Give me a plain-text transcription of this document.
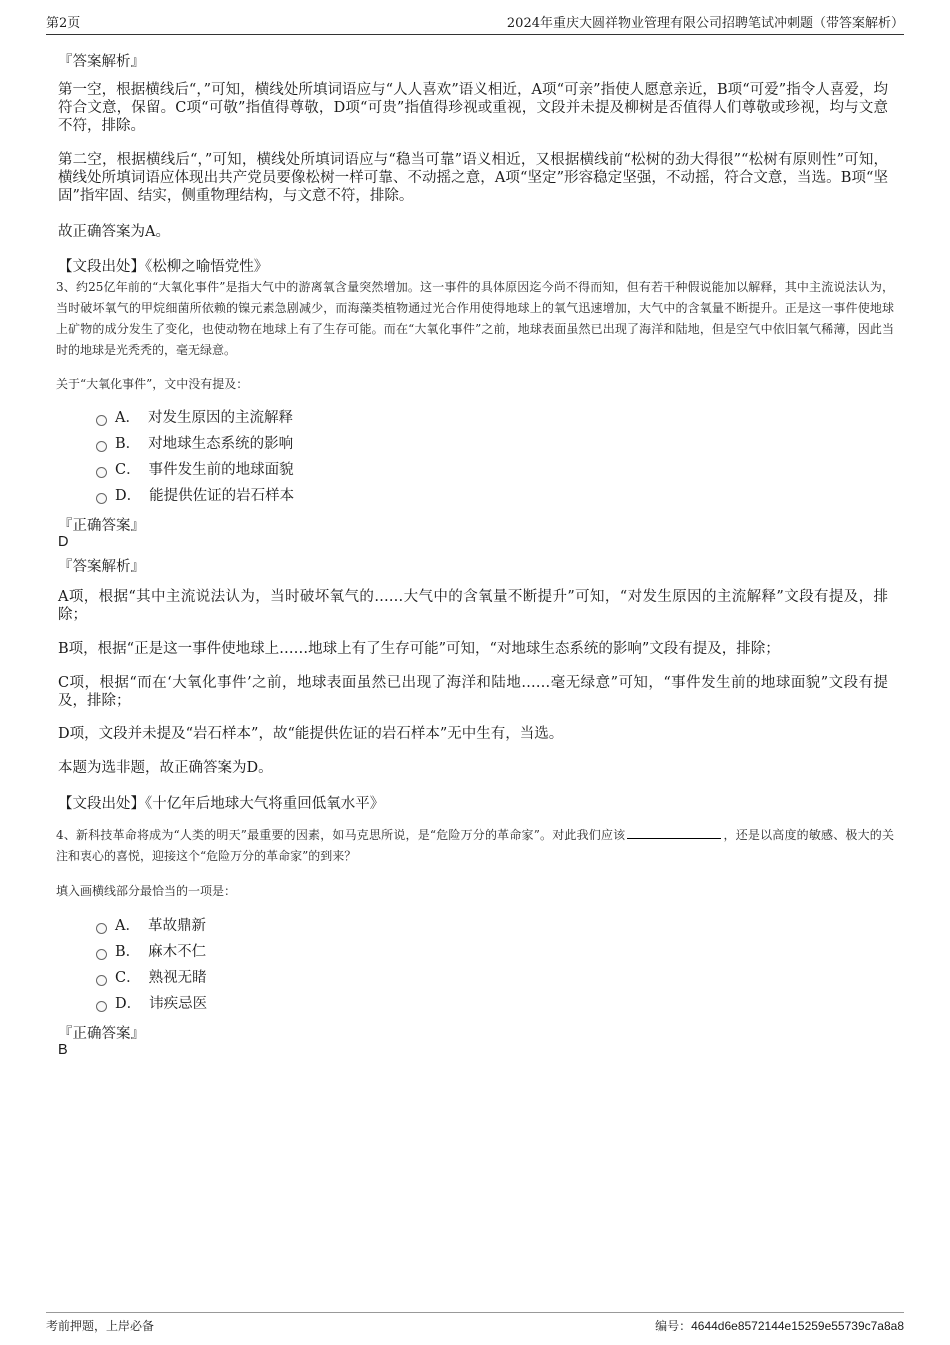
第2页	2024年重庆大圆祥物业管理有限公司招聘笔试冲刺题（带答案解析）
『答案解析』
第一空，根据横线后“，”可知，横线处所填词语应与“人人喜欢”语义相近，A项“可亲”指使人愿意亲近，B项“可爱”指令人喜爱，均符合文意，保留。C项“可敬”指值得尊敬，D项“可贵”指值得珍视或重视，文段并未提及柳树是否值得人们尊敬或珍视，均与文意不符，排除。
第二空，根据横线后“，”可知，横线处所填词语应与“稳当可靠”语义相近，又根据横线前“松树的劲大得很”“松树有原则性”可知，横线处所填词语应体现出共产党员要像松树一样可靠、不动摇之意，A项“坚定”形容稳定坚强，不动摇，符合文意，当选。B项“坚固”指牢固、结实，侧重物理结构，与文意不符，排除。
故正确答案为A。
【文段出处】《松柳之喻悟党性》
3、约25亿年前的“大氧化事件”是指大气中的游离氧含量突然增加。这一事件的具体原因迄今尚不得而知，但有若干种假说能加以解释，其中主流说法认为，当时破坏氧气的甲烷细菌所依赖的镍元素急剧减少，而海藻类植物通过光合作用使得地球上的氧气迅速增加，大气中的含氧量不断提升。正是这一事件使地球上矿物的成分发生了变化，也使动物在地球上有了生存可能。而在“大氧化事件”之前，地球表面虽然已出现了海洋和陆地，但是空气中依旧氧气稀薄，因此当时的地球是光秃秃的，毫无绿意。
关于“大氧化事件”，文中没有提及：
A． 对发生原因的主流解释
B． 对地球生态系统的影响
C． 事件发生前的地球面貌
D． 能提供佐证的岩石样本
『正确答案』
D
『答案解析』
A项，根据“其中主流说法认为，当时破坏氧气的……大气中的含氧量不断提升”可知，“对发生原因的主流解释”文段有提及，排除；
B项，根据“正是这一事件使地球上……地球上有了生存可能”可知，“对地球生态系统的影响”文段有提及，排除；
C项，根据“而在‘大氧化事件’之前，地球表面虽然已出现了海洋和陆地……毫无绿意”可知，“事件发生前的地球面貌”文段有提及，排除；
D项，文段并未提及“岩石样本”，故“能提供佐证的岩石样本”无中生有，当选。
本题为选非题，故正确答案为D。
【文段出处】《十亿年后地球大气将重回低氧水平》
4、新科技革命将成为“人类的明天”最重要的因素，如马克思所说，是“危险万分的革命家”。对此我们应该	，还是以高度的敏感、极大的关注和衷心的喜悦，迎接这个“危险万分的革命家”的到来？
填入画横线部分最恰当的一项是：
A． 革故鼎新
B． 麻木不仁
C． 熟视无睹
D． 讳疾忌医
『正确答案』
B
考前押题，上岸必备	编号：4644d6e8572144e15259e55739c7a8a8
